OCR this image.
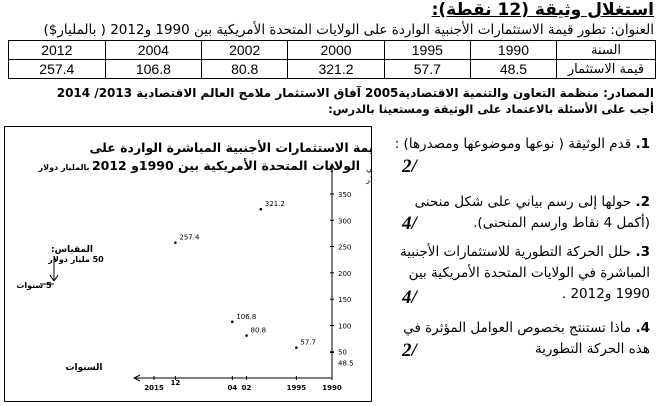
استغلال وثيقة (12 نقطة):
العنوان: تطور قيمة الاستثمارات الأجنبية الواردة على الولايات المتحدة الأمريكية بين 1990 و2012 ( بالمليار$)
السنة	1990	1995	2000	2002	2004	2012
قيمة الاستثمار	48.5	57.7	321.2	80.8	106.8	257.4
المصادر: منظمة التعاون والتنمية الاقتصادية2005 آفاق الاستثمار ملامح العالم الاقتصادية 2013/ 2014
أجب على الأسئلة بالاعتماد على الوثيقة ومستعينا بالدرس:
1. قدم الوثيقة ( نوعها وموضوعها ومصدرها) :
2/
2. حولها إلى رسم بياني على شكل منحنى (أكمل 4 نقاط وارسم المنحنى).
4/
3. حلل الحركة التطورية للاستثمارات الأجنبية المباشرة في الولايات المتحدة الأمريكية بين 1990 و2012 .
4/
4. ماذا تستنتج بخصوص العوامل المؤثرة في هذه الحركة التطورية
2/
مة الاستثمارات الأجنبية المباشرة الواردة على
الولايات المتحدة الأمريكية بين 1990و 2012
بالمليار دولار	ي
ار
السنوات
المقياس:
50 مليار دولار
5 سنوات
48.5
50
100
150
200
250
300
350
1990
1995
02
04
12
2015
257.4
321.2
106.8
80.8
57.7
